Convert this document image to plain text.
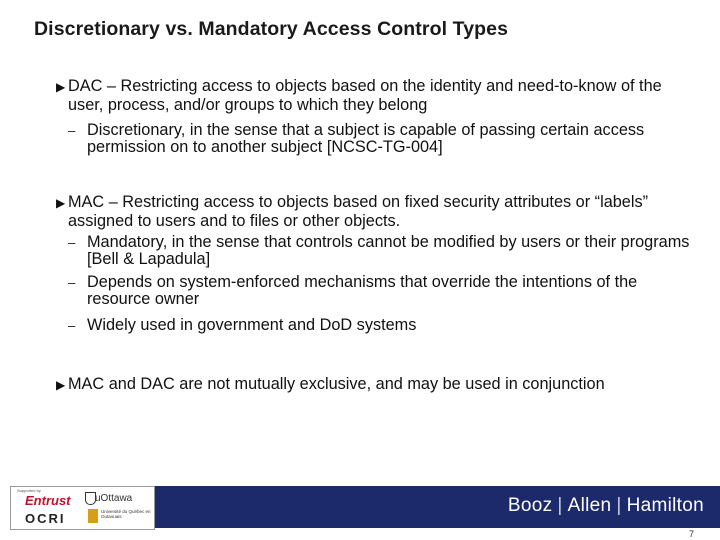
Discretionary vs. Mandatory Access Control Types
▶ DAC – Restricting access to objects based on the identity and need-to-know of the user, process, and/or groups to which they belong
– Discretionary, in the sense that a subject is capable of passing certain access permission on to another subject [NCSC-TG-004]
▶ MAC – Restricting access to objects based on fixed security attributes or “labels” assigned to users and to files or other objects.
– Mandatory, in the sense that controls cannot be modified by users or their programs [Bell & Lapadula]
– Depends on system-enforced mechanisms that override the intentions of the resource owner
– Widely used in government and DoD systems
▶ MAC and DAC are not mutually exclusive, and may be used in conjunction
Supported by
Entrust
OCRI
uOttawa
Université du Québec en Outaouais
Booz | Allen | Hamilton
7
